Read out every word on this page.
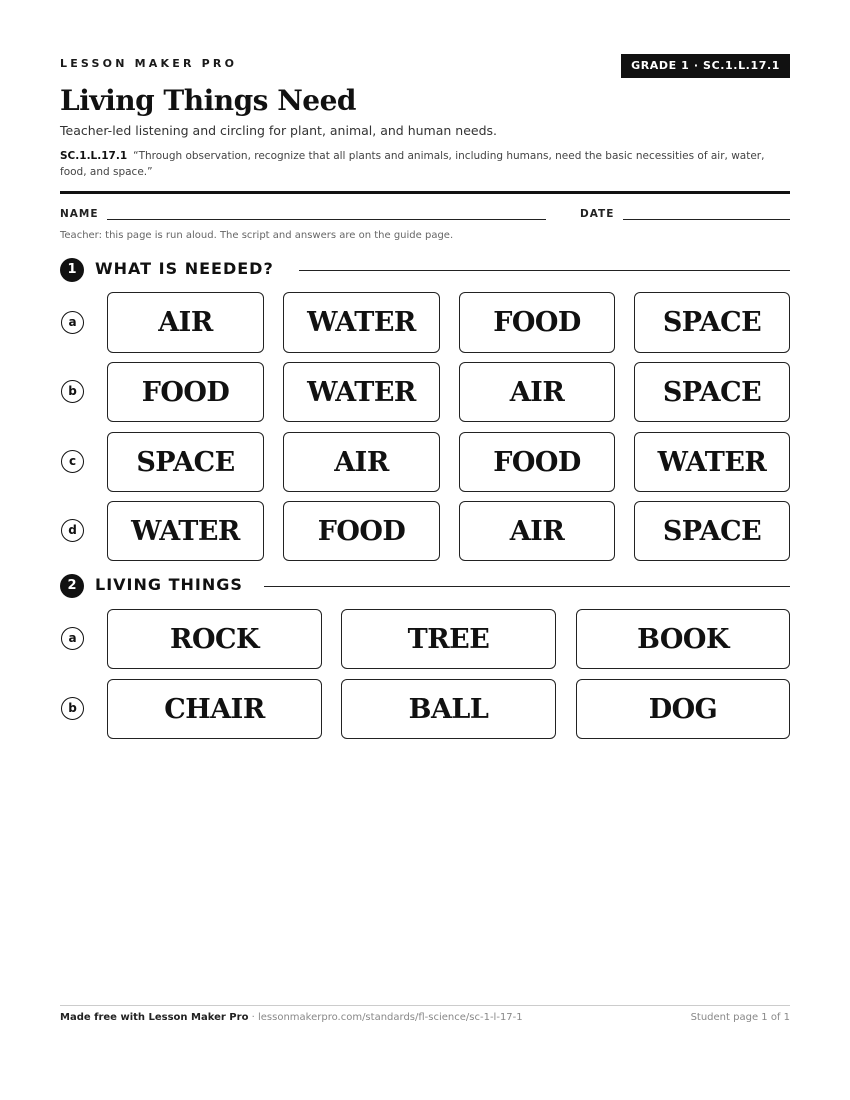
LESSON MAKER PRO	GRADE 1 · SC.1.L.17.1
Living Things Need
Teacher-led listening and circling for plant, animal, and human needs.
SC.1.L.17.1 “Through observation, recognize that all plants and animals, including humans, need the basic necessities of air, water, food, and space.”
NAME	DATE
Teacher: this page is run aloud. The script and answers are on the guide page.
1	WHAT IS NEEDED?
a	AIR	WATER	FOOD	SPACE
b	FOOD	WATER	AIR	SPACE
c	SPACE	AIR	FOOD	WATER
d	WATER	FOOD	AIR	SPACE
2	LIVING THINGS
a	ROCK	TREE	BOOK
b	CHAIR	BALL	DOG
Made free with Lesson Maker Pro · lessonmakerpro.com/standards/fl-science/sc-1-l-17-1	Student page 1 of 1
